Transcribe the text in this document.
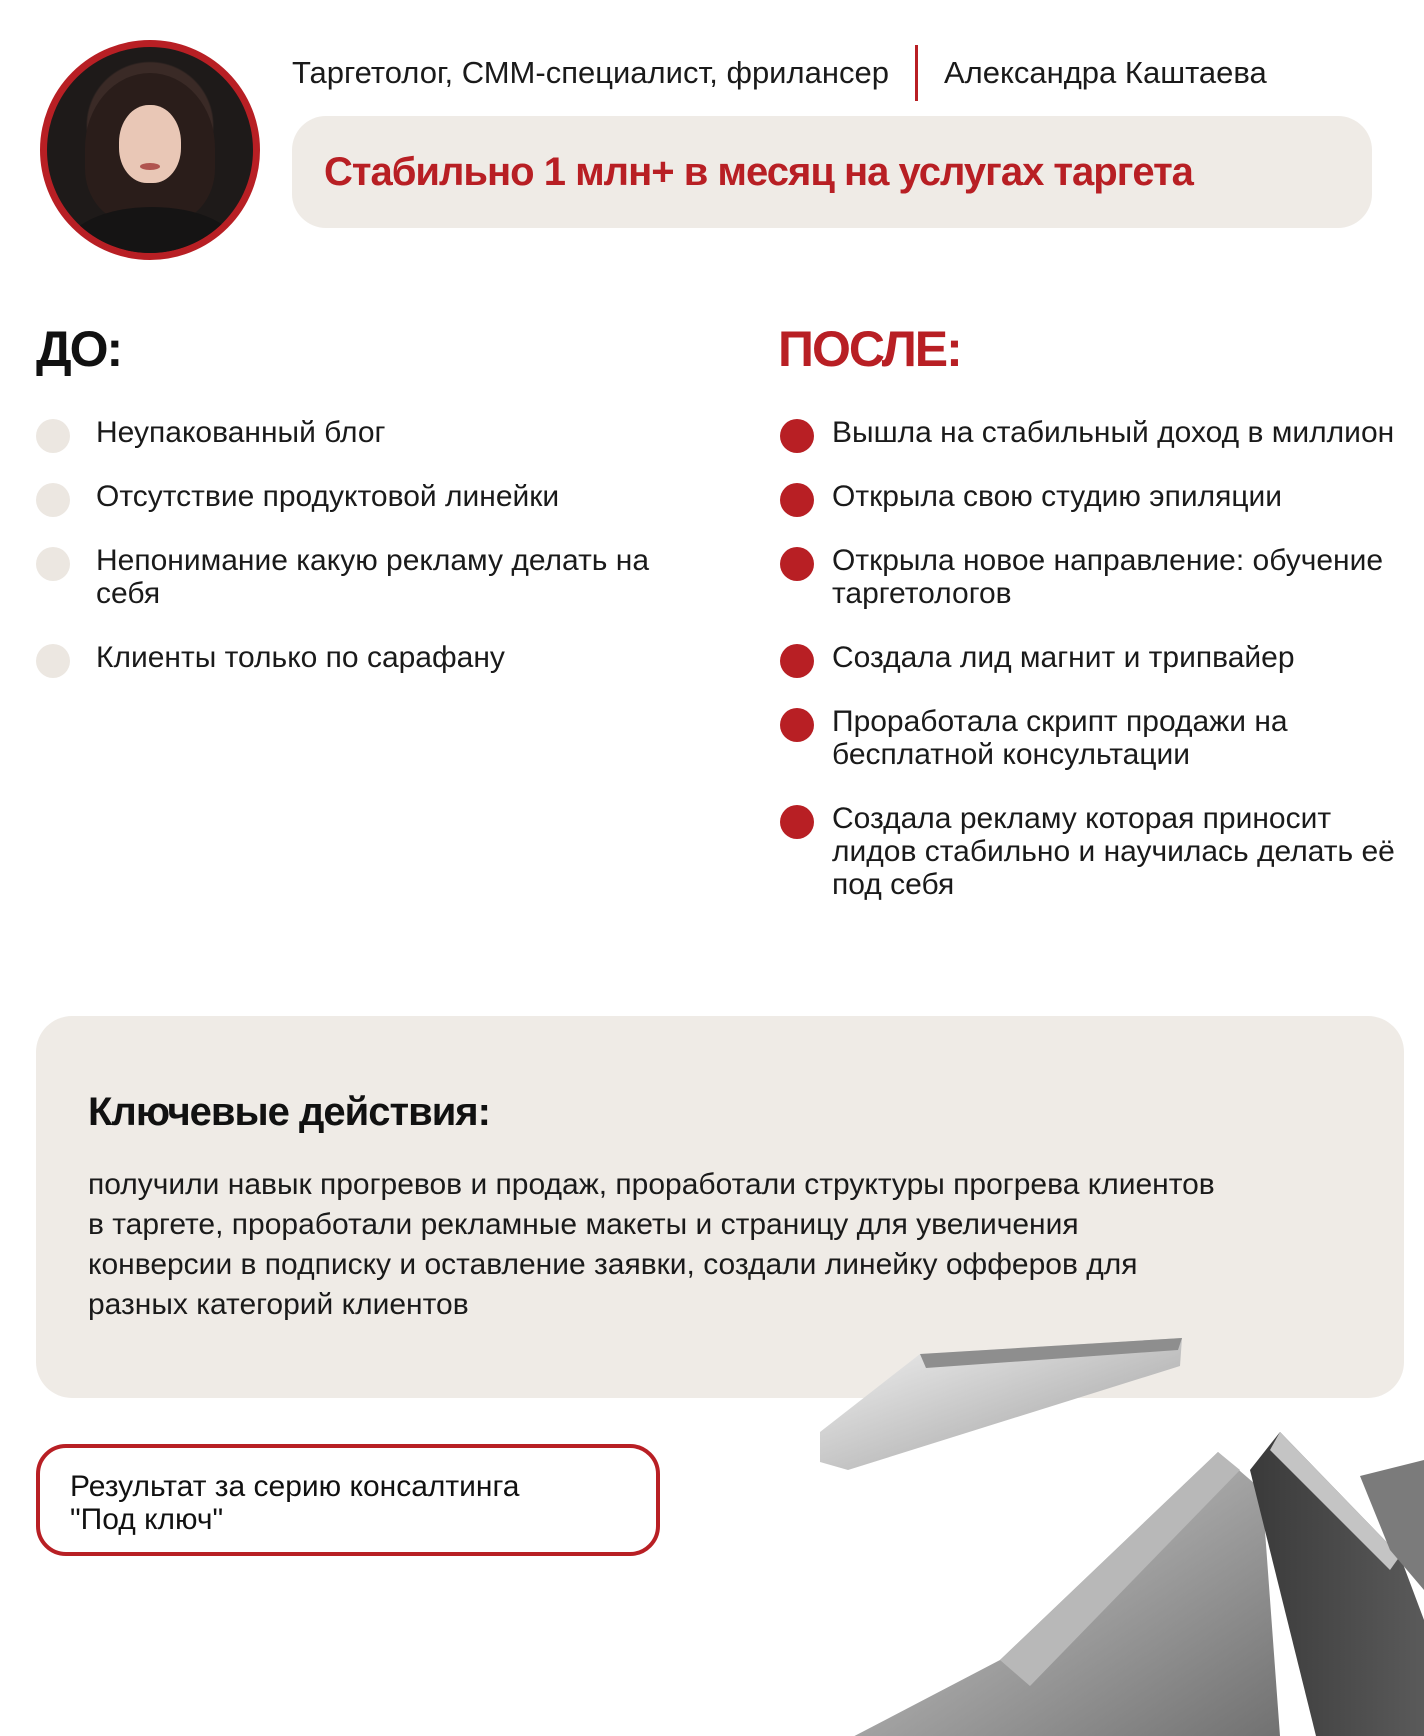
Таргетолог, СММ-специалист, фрилансер Александра Каштаева
Стабильно 1 млн+ в месяц на услугах таргета
ДО:	ПОСЛЕ:
Неупакованный блог
Отсутствие продуктовой линейки
Непонимание какую рекламу делать на себя
Клиенты только по сарафану
Вышла на стабильный доход в миллион
Открыла свою студию эпиляции
Открыла новое направление: обучение таргетологов
Создала лид магнит и трипвайер
Проработала скрипт продажи на бесплатной консультации
Создала рекламу которая приносит лидов стабильно и научилась делать её под себя
Ключевые действия:

получили навык прогревов и продаж, проработали структуры прогрева клиентов в таргете, проработали рекламные макеты и страницу для увеличения конверсии в подписку и оставление заявки, создали линейку офферов для разных категорий клиентов

Результат за серию консалтинга
"Под ключ"
